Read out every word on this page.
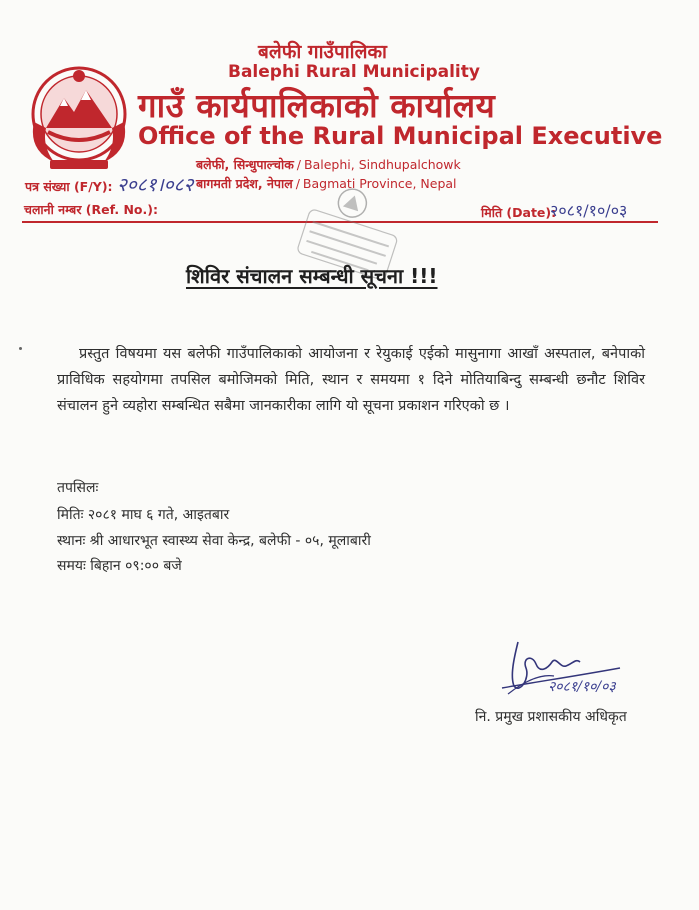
बलेफी गाउँपालिका
Balephi Rural Municipality
गाउँ कार्यपालिकाको कार्यालय
Office of the Rural Municipal Executive
बलेफी, सिन्धुपाल्चोक / Balephi, Sindhupalchowk
बागमती प्रदेश, नेपाल / Bagmati Province, Nepal
पत्र संख्या (F/Y): २०८१।०८२
चलानी नम्बर (Ref. No.):	मिति (Date):
२०८१/१०/०३
शिविर संचालन सम्बन्धी सूचना !!!
प्रस्तुत विषयमा यस बलेफी गाउँपालिकाको आयोजना र रेयुकाई एईको मासुनागा आखाँ अस्पताल, बनेपाको प्राविधिक सहयोगमा तपसिल बमोजिमको मिति, स्थान र समयमा १ दिने मोतियाबिन्दु सम्बन्धी छनौट शिविर संचालन हुने व्यहोरा सम्बन्धित सबैमा जानकारीका लागि यो सूचना प्रकाशन गरिएको छ ।
तपसिलः
मितिः २०८१ माघ ६ गते, आइतबार
स्थानः श्री आधारभूत स्वास्थ्य सेवा केन्द्र, बलेफी - ०५, मूलाबारी
समयः बिहान ०९:०० बजे
२०८१/१०/०३
नि. प्रमुख प्रशासकीय अधिकृत
